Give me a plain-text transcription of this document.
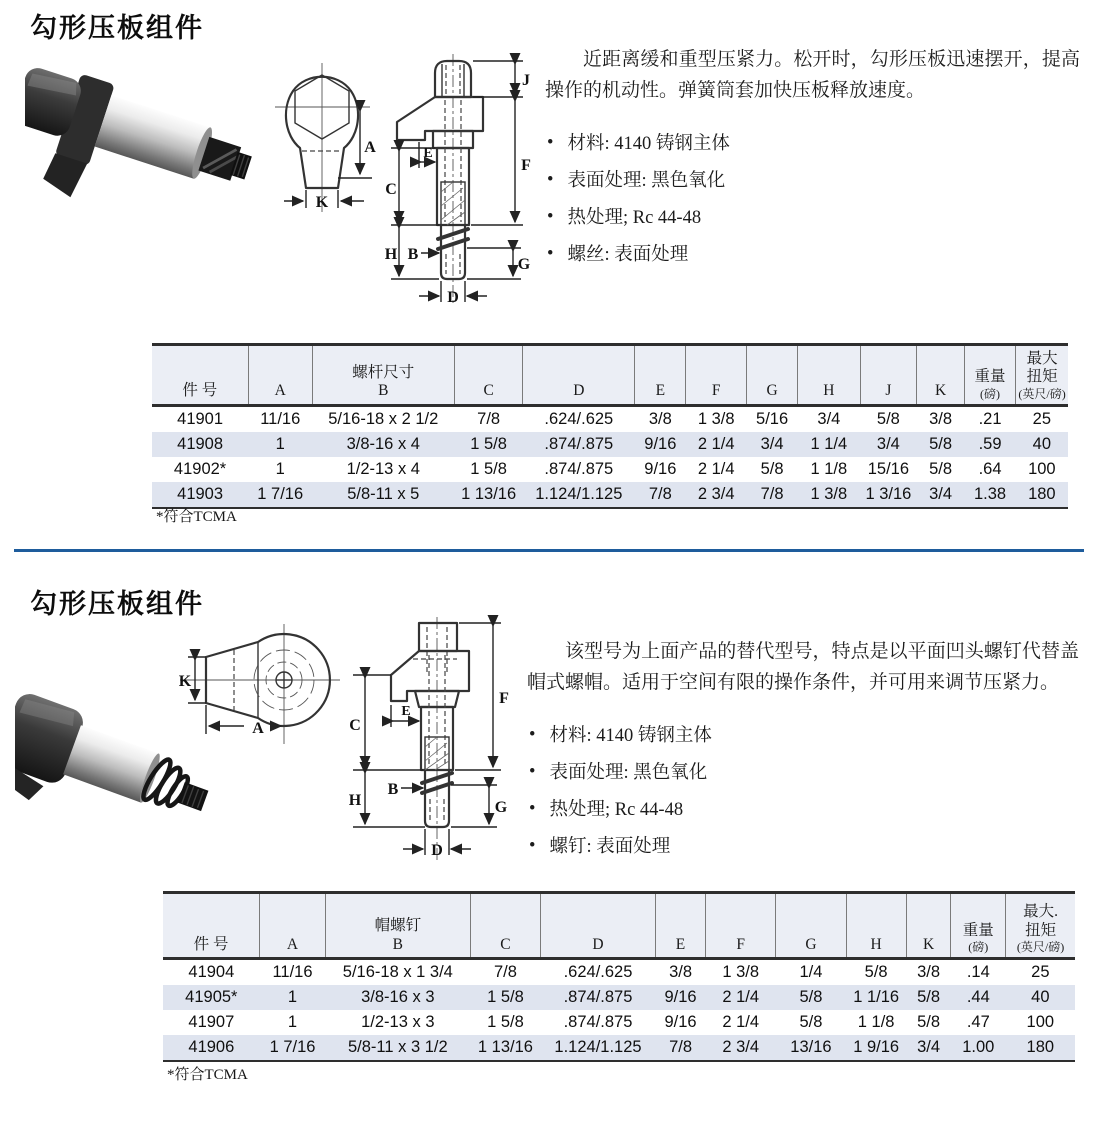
勾形压板组件
A
K
J
F
G
C
H
E
B
D

近距离缓和重型压紧力。松开时，勾形压板迅速摆开，提高操作的机动性。弹簧筒套加快压板释放速度。

• 材料: 4140 铸钢主体
• 表面处理: 黑色氧化
• 热处理; Rc 44-48
• 螺丝: 表面处理
件 号	A

螺杆尺寸
B	C	D	E	F	G	H	J	K

重量
(磅)

最大
扭矩
(英尺/磅)

41901	11/16	5/16-18 x 2 1/2	7/8	.624/.625	3/8	1 3/8	5/16	3/4	5/8	3/8	.21	25
41908	1	3/8-16 x 4	1 5/8	.874/.875	9/16	2 1/4	3/4	1 1/4	3/4	5/8	.59	40
41902*	1	1/2-13 x 4	1 5/8	.874/.875	9/16	2 1/4	5/8	1 1/8	15/16	5/8	.64	100
41903	1 7/16	5/8-11 x 5	1 13/16	1.124/1.125	7/8	2 3/4	7/8	1 3/8	1 3/16	3/4	1.38	180
*符合TCMA
勾形压板组件
K
A
F
C
E
H
B
G
D

该型号为上面产品的替代型号，特点是以平面凹头螺钉代替盖帽式螺帽。适用于空间有限的操作条件，并可用来调节压紧力。

• 材料: 4140 铸钢主体
• 表面处理: 黑色氧化
• 热处理; Rc 44-48
• 螺钉: 表面处理
件 号	A

帽螺钉
B	C	D	E	F	G	H	K

重量
(磅)

最大.
扭矩
(英尺/磅)

41904	11/16	5/16-18 x 1 3/4	7/8	.624/.625	3/8	1 3/8	1/4	5/8	3/8	.14	25
41905*	1	3/8-16 x 3	1 5/8	.874/.875	9/16	2 1/4	5/8	1 1/16	5/8	.44	40
41907	1	1/2-13 x 3	1 5/8	.874/.875	9/16	2 1/4	5/8	1 1/8	5/8	.47	100
41906	1 7/16	5/8-11 x 3 1/2	1 13/16	1.124/1.125	7/8	2 3/4	13/16	1 9/16	3/4	1.00	180
*符合TCMA
